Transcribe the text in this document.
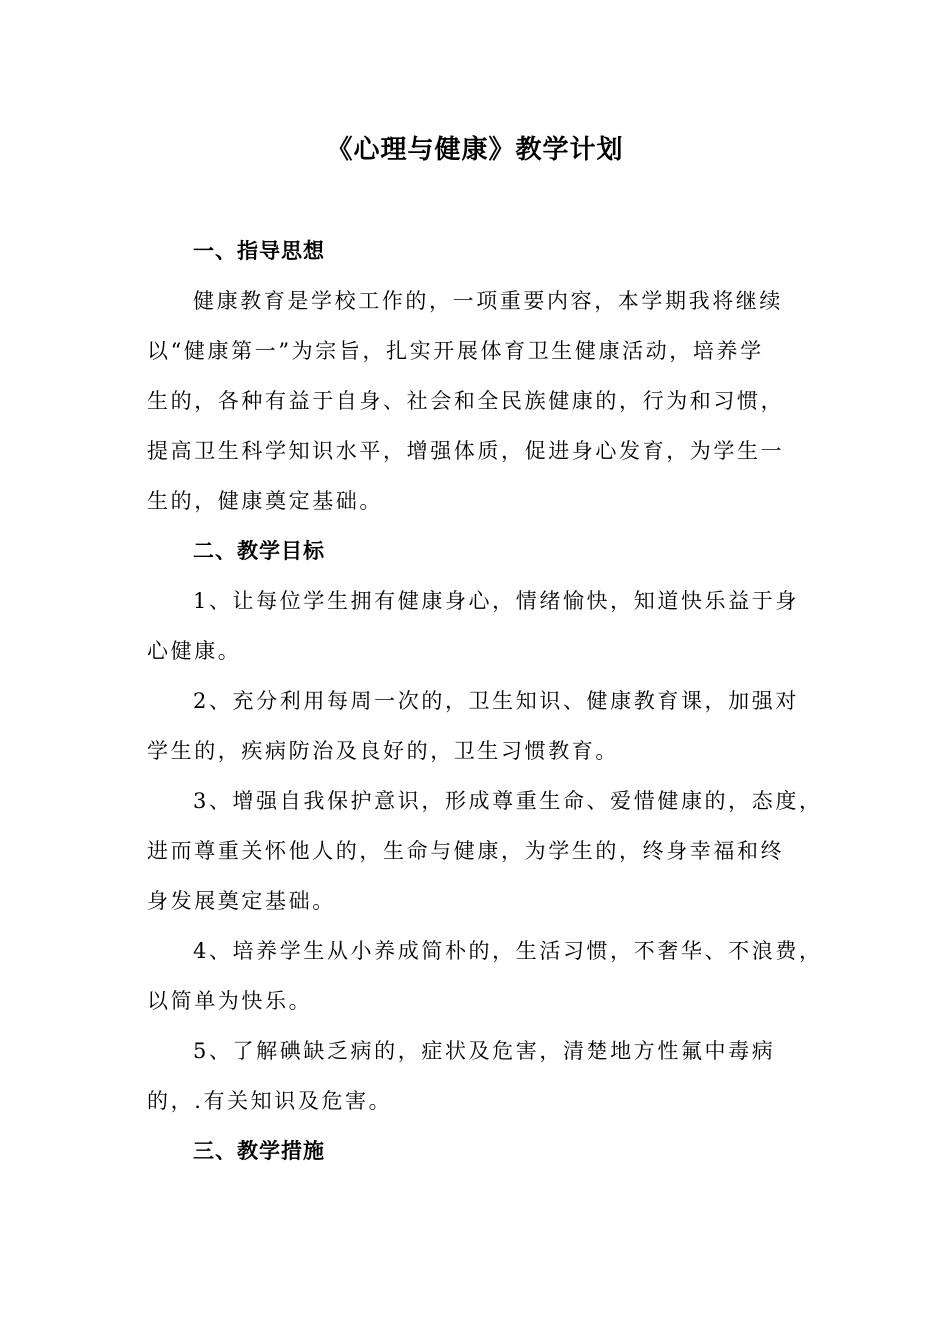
《心理与健康》教学计划
一、指导思想
健康教育是学校工作的，一项重要内容，本学期我将继续
以“健康第一”为宗旨，扎实开展体育卫生健康活动，培养学
生的，各种有益于自身、社会和全民族健康的，行为和习惯，
提高卫生科学知识水平，增强体质，促进身心发育，为学生一
生的，健康奠定基础。
二、教学目标
1、让每位学生拥有健康身心，情绪愉快，知道快乐益于身
心健康。
2、充分利用每周一次的，卫生知识、健康教育课，加强对
学生的，疾病防治及良好的，卫生习惯教育。
3、增强自我保护意识，形成尊重生命、爱惜健康的，态度，
进而尊重关怀他人的，生命与健康，为学生的，终身幸福和终
身发展奠定基础。
4、培养学生从小养成简朴的，生活习惯，不奢华、不浪费，
以简单为快乐。
5、了解碘缺乏病的，症状及危害，清楚地方性氟中毒病
的，.有关知识及危害。
三、教学措施
